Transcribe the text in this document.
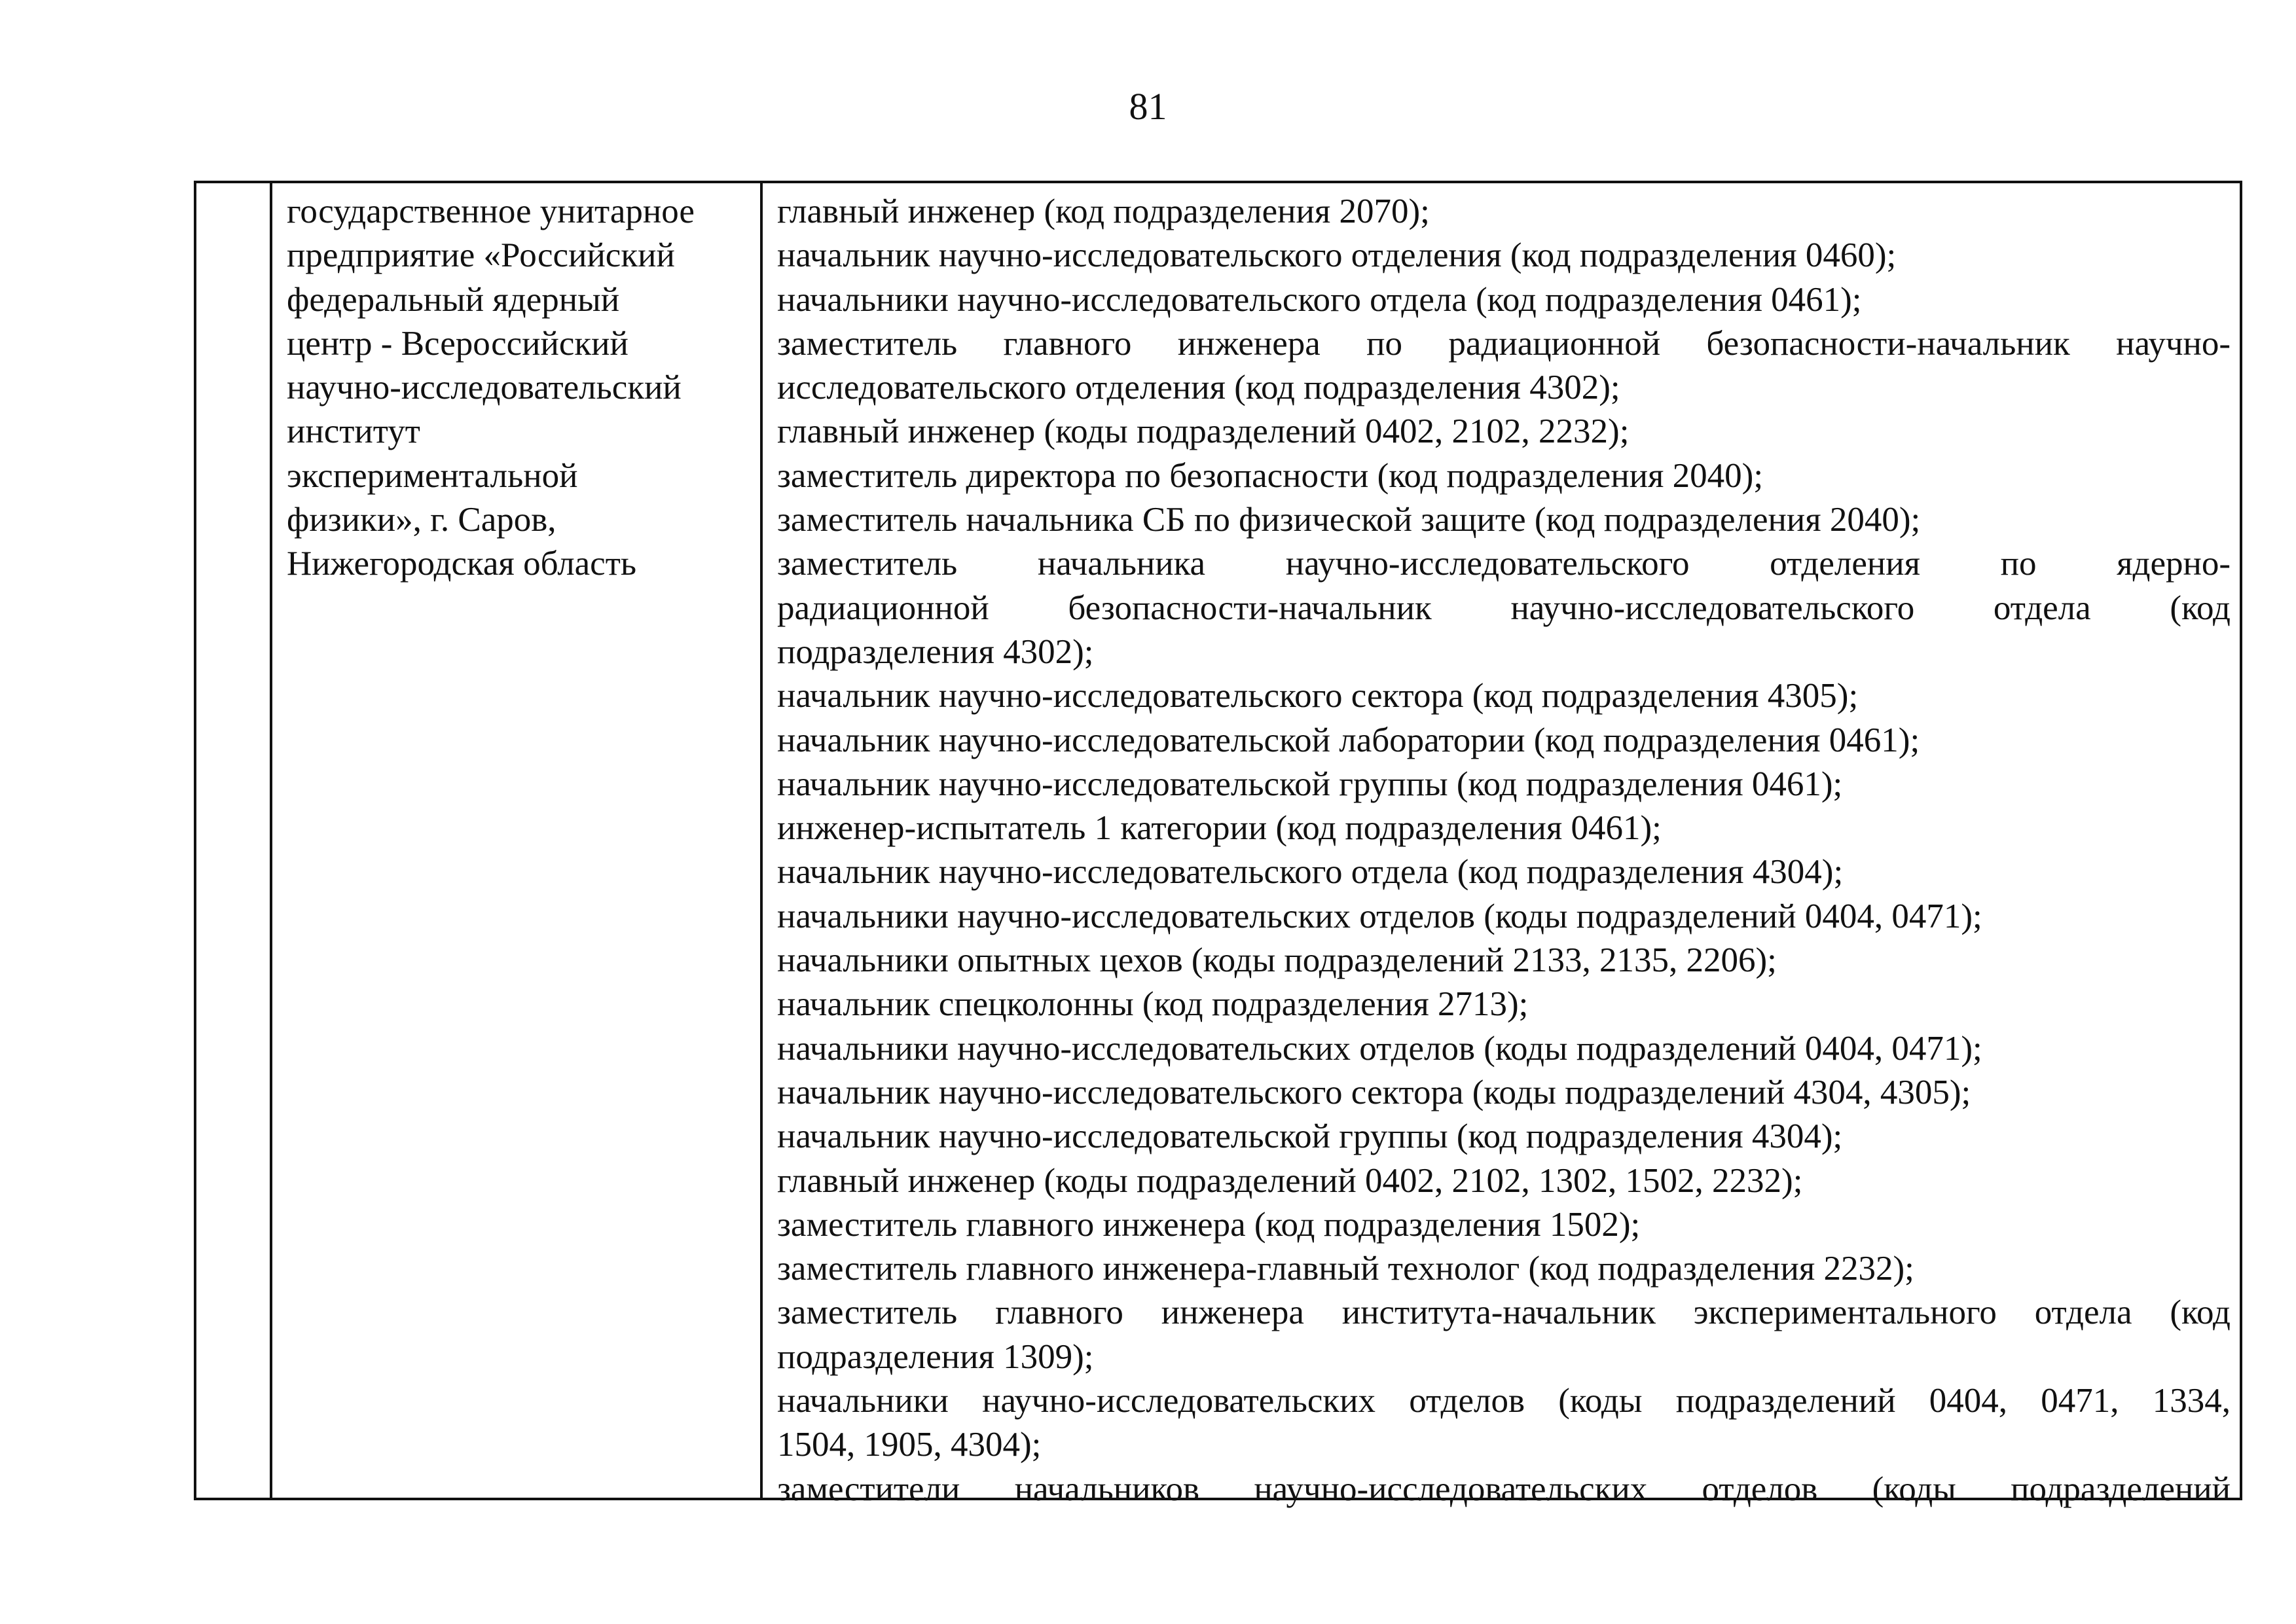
81
государственное унитарное
предприятие «Российский
федеральный ядерный
центр - Всероссийский
научно-исследовательский
институт
экспериментальной
физики», г. Саров,
Нижегородская область
главный инженер (код подразделения 2070);
начальник научно-исследовательского отделения (код подразделения 0460);
начальники научно-исследовательского отдела (код подразделения 0461);
заместитель главного инженера по радиационной безопасности-начальник научно-
исследовательского отделения (код подразделения 4302);
главный инженер (коды подразделений 0402, 2102, 2232);
заместитель директора по безопасности (код подразделения 2040);
заместитель начальника СБ по физической защите (код подразделения 2040);
заместитель начальника научно-исследовательского отделения по ядерно-
радиационной безопасности-начальник научно-исследовательского отдела (код
подразделения 4302);
начальник научно-исследовательского сектора (код подразделения 4305);
начальник научно-исследовательской лаборатории (код подразделения 0461);
начальник научно-исследовательской группы (код подразделения 0461);
инженер-испытатель 1 категории (код подразделения 0461);
начальник научно-исследовательского отдела (код подразделения 4304);
начальники научно-исследовательских отделов (коды подразделений 0404, 0471);
начальники опытных цехов (коды подразделений 2133, 2135, 2206);
начальник спецколонны (код подразделения 2713);
начальники научно-исследовательских отделов (коды подразделений 0404, 0471);
начальник научно-исследовательского сектора (коды подразделений 4304, 4305);
начальник научно-исследовательской группы (код подразделения 4304);
главный инженер (коды подразделений 0402, 2102, 1302, 1502, 2232);
заместитель главного инженера (код подразделения 1502);
заместитель главного инженера-главный технолог (код подразделения 2232);
заместитель главного инженера института-начальник экспериментального отдела (код
подразделения 1309);
начальники научно-исследовательских отделов (коды подразделений 0404, 0471, 1334,
1504, 1905, 4304);
заместители начальников научно-исследовательских отделов (коды подразделений
